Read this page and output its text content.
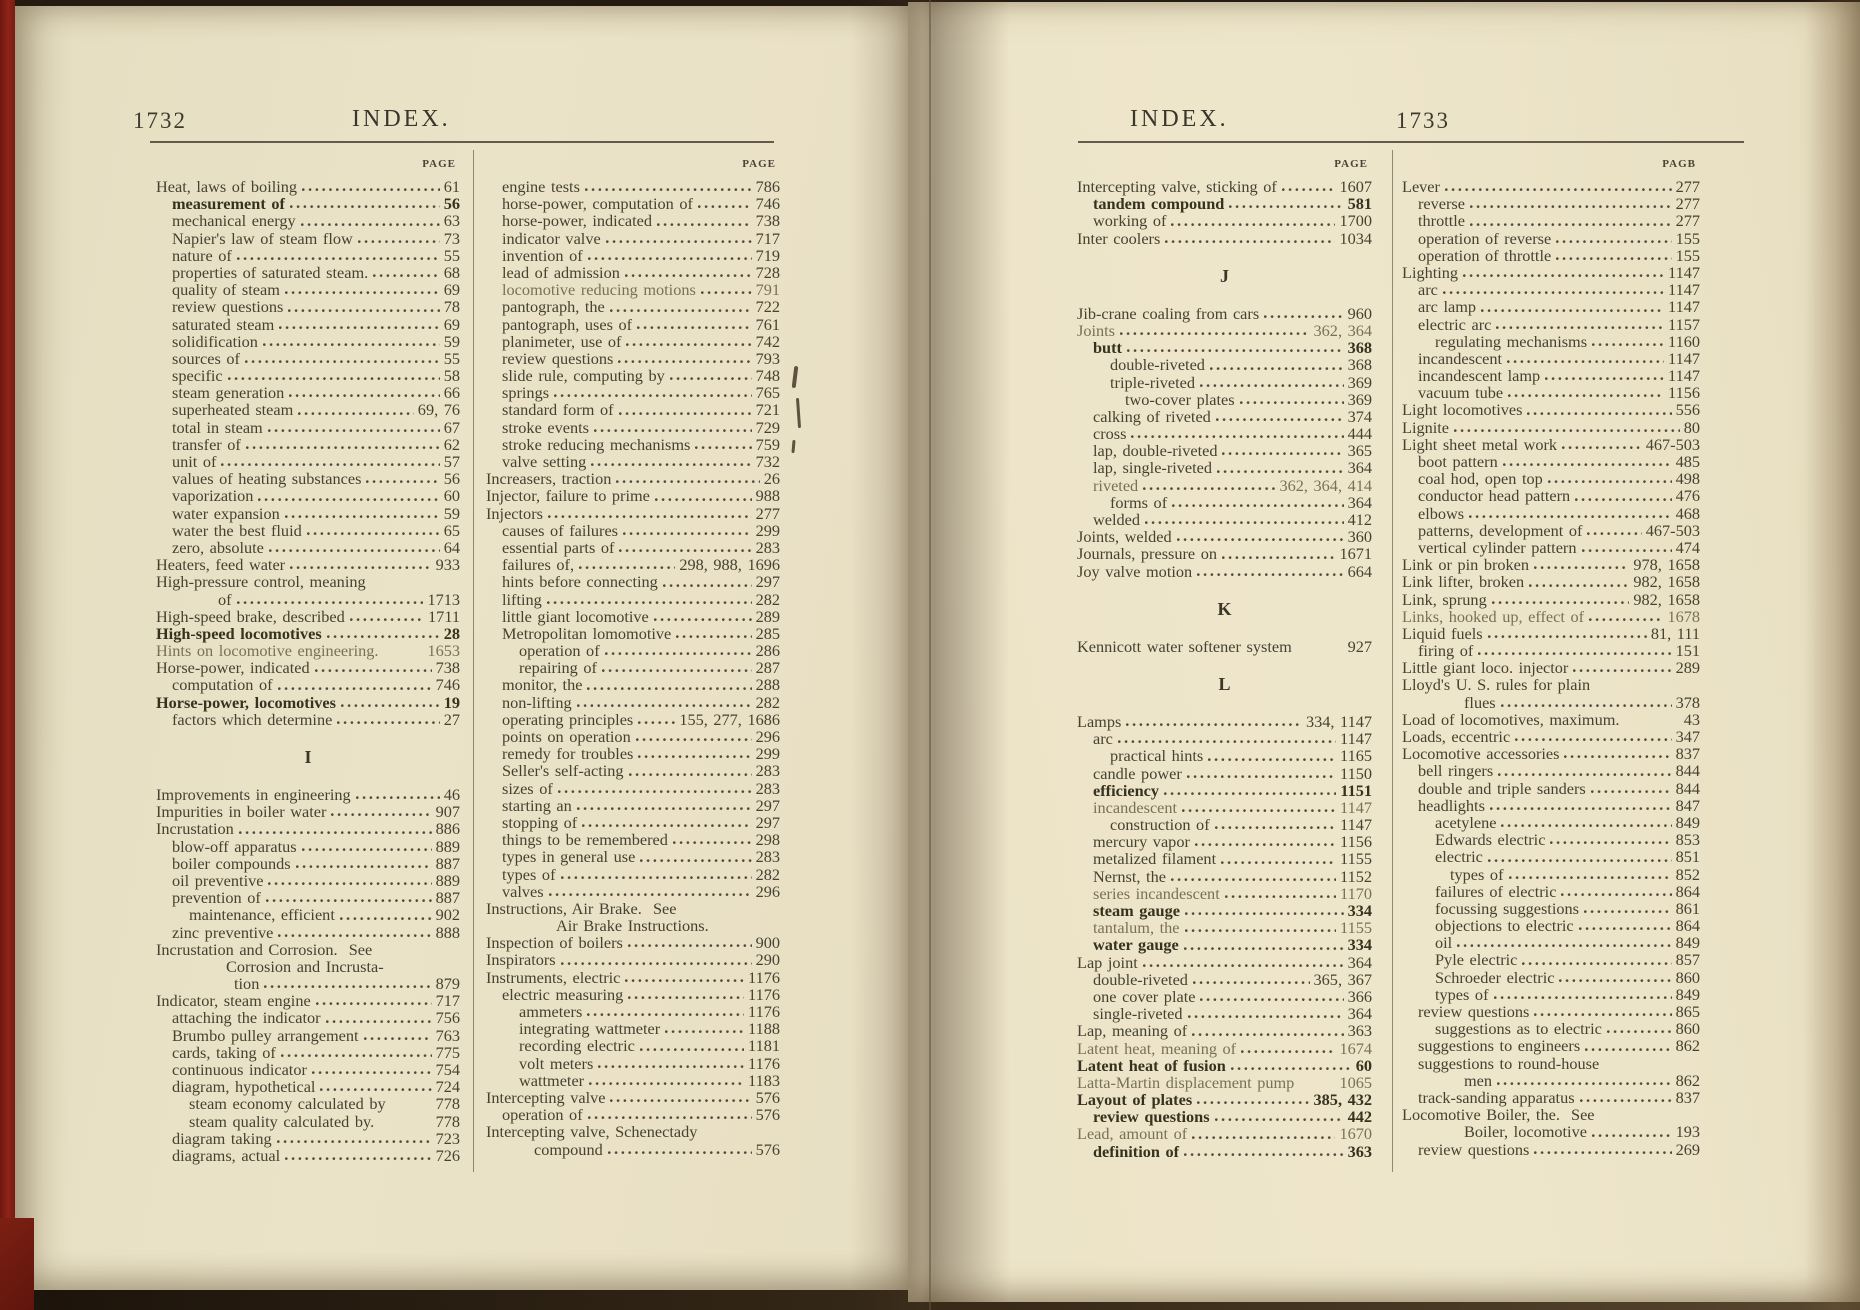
1732	INDEX.	INDEX.	1733
PAGE
Heat, laws of boiling	61
measurement of	56
mechanical energy	63
Napier's law of steam flow	73
nature of	55
properties of saturated steam.	68
quality of steam	69
review questions	78
saturated steam	69
solidification	59
sources of	55
specific	58
steam generation	66
superheated steam	69, 76
total in steam	67
transfer of	62
unit of	57
values of heating substances	56
vaporization	60
water expansion	59
water the best fluid	65
zero, absolute	64
Heaters, feed water	933
High-pressure control, meaning
of	1713
High-speed brake, described	1711
High-speed locomotives	28
Hints on locomotive engineering.	1653
Horse-power, indicated	738
computation of	746
Horse-power, locomotives	19
factors which determine	27
I
Improvements in engineering	46
Impurities in boiler water	907
Incrustation	886
blow-off apparatus	889
boiler compounds	887
oil preventive	889
prevention of	887
maintenance, efficient	902
zinc preventive	888
Incrustation and Corrosion.  See
Corrosion and Incrusta-
tion	879
Indicator, steam engine	717
attaching the indicator	756
Brumbo pulley arrangement	763
cards, taking of	775
continuous indicator	754
diagram, hypothetical	724
steam economy calculated by	778
steam quality calculated by.	778
diagram taking	723
diagrams, actual	726
PAGE
engine tests	786
horse-power, computation of	746
horse-power, indicated	738
indicator valve	717
invention of	719
lead of admission	728
locomotive reducing motions	791
pantograph, the	722
pantograph, uses of	761
planimeter, use of	742
review questions	793
slide rule, computing by	748
springs	765
standard form of	721
stroke events	729
stroke reducing mechanisms	759
valve setting	732
Increasers, traction	26
Injector, failure to prime	988
Injectors	277
causes of failures	299
essential parts of	283
failures of,	298, 988, 1696
hints before connecting	297
lifting	282
little giant locomotive	289
Metropolitan lomomotive	285
operation of	286
repairing of	287
monitor, the	288
non-lifting	282
operating principles	155, 277, 1686
points on operation	296
remedy for troubles	299
Seller's self-acting	283
sizes of	283
starting an	297
stopping of	297
things to be remembered	298
types in general use	283
types of	282
valves	296
Instructions, Air Brake.  See
Air Brake Instructions.
Inspection of boilers	900
Inspirators	290
Instruments, electric	1176
electric measuring	1176
ammeters	1176
integrating wattmeter	1188
recording electric	1181
volt meters	1176
wattmeter	1183
Intercepting valve	576
operation of	576
Intercepting valve, Schenectady
compound	576
PAGE
Intercepting valve, sticking of	1607
tandem compound	581
working of	1700
Inter coolers	1034
J
Jib-crane coaling from cars	960
Joints	362, 364
butt	368
double-riveted	368
triple-riveted	369
two-cover plates	369
calking of riveted	374
cross	444
lap, double-riveted	365
lap, single-riveted	364
riveted	362, 364, 414
forms of	364
welded	412
Joints, welded	360
Journals, pressure on	1671
Joy valve motion	664
K
Kennicott water softener system	927
L
Lamps	334, 1147
arc	1147
practical hints	1165
candle power	1150
efficiency	1151
incandescent	1147
construction of	1147
mercury vapor	1156
metalized filament	1155
Nernst, the	1152
series incandescent	1170
steam gauge	334
tantalum, the	1155
water gauge	334
Lap joint	364
double-riveted	365, 367
one cover plate	366
single-riveted	364
Lap, meaning of	363
Latent heat, meaning of	1674
Latent heat of fusion	60
Latta-Martin displacement pump	1065
Layout of plates	385, 432
review questions	442
Lead, amount of	1670
definition of	363
PAGB
Lever	277
reverse	277
throttle	277
operation of reverse	155
operation of throttle	155
Lighting	1147
arc	1147
arc lamp	1147
electric arc	1157
regulating mechanisms	1160
incandescent	1147
incandescent lamp	1147
vacuum tube	1156
Light locomotives	556
Lignite	80
Light sheet metal work	467-503
boot pattern	485
coal hod, open top	498
conductor head pattern	476
elbows	468
patterns, development of	467-503
vertical cylinder pattern	474
Link or pin broken	978, 1658
Link lifter, broken	982, 1658
Link, sprung	982, 1658
Links, hooked up, effect of	1678
Liquid fuels	81, 111
firing of	151
Little giant loco. injector	289
Lloyd's U. S. rules for plain
flues	378
Load of locomotives, maximum.	43
Loads, eccentric	347
Locomotive accessories	837
bell ringers	844
double and triple sanders	844
headlights	847
acetylene	849
Edwards electric	853
electric	851
types of	852
failures of electric	864
focussing suggestions	861
objections to electric	864
oil	849
Pyle electric	857
Schroeder electric	860
types of	849
review questions	865
suggestions as to electric	860
suggestions to engineers	862
suggestions to round-house
men	862
track-sanding apparatus	837
Locomotive Boiler, the.  See
Boiler, locomotive	193
review questions	269
